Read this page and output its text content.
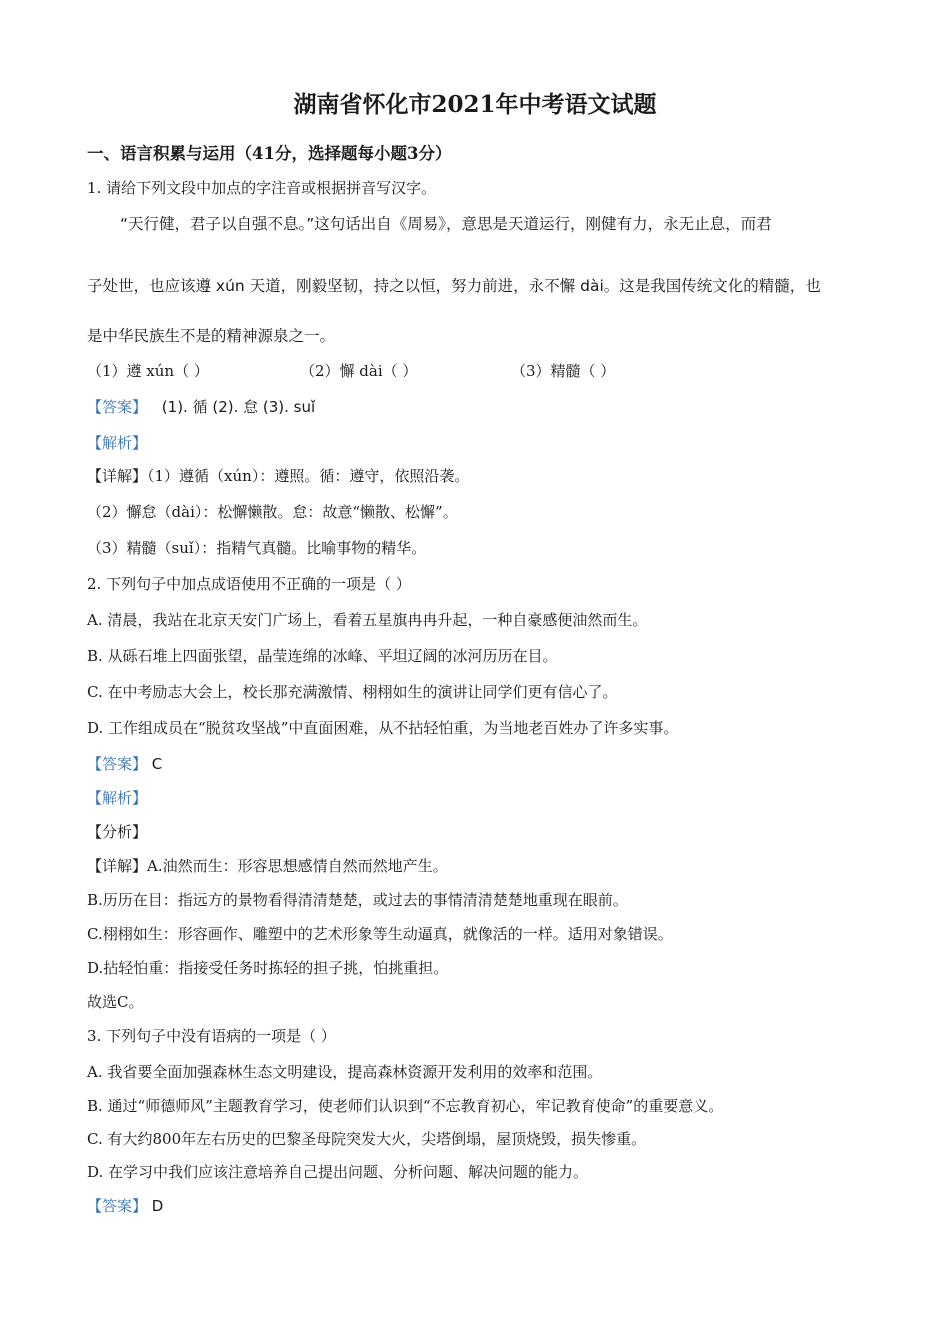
湖南省怀化市2021年中考语文试题
一、语言积累与运用（41分，选择题每小题3分）
1. 请给下列文段中加点的字注音或根据拼音写汉字。
“天行健，君子以自强不息。”这句话出自《周易》，意思是天道运行，刚健有力，永无止息，而君
子处世，也应该遵 xún 天道，刚毅坚韧，持之以恒，努力前进，永不懈 dài。这是我国传统文化的精髓，也
是中华民族生不是的精神源泉之一。
（1）遵 xún（ ）	（2）懈 dài（ ）	（3）精髓（ ）
【答案】 (1). 循 (2). 怠 (3). suǐ
【解析】
【详解】（1）遵循（xún）：遵照。循：遵守，依照沿袭。
（2）懈怠（dài）：松懈懒散。怠：故意“懒散、松懈”。
（3）精髓（suǐ）：指精气真髓。比喻事物的精华。
2. 下列句子中加点成语使用不正确的一项是（ ）
A. 清晨，我站在北京天安门广场上，看着五星旗冉冉升起，一种自豪感便油然而生。
B. 从砾石堆上四面张望，晶莹连绵的冰峰、平坦辽阔的冰河历历在目。
C. 在中考励志大会上，校长那充满激情、栩栩如生的演讲让同学们更有信心了。
D. 工作组成员在“脱贫攻坚战”中直面困难，从不拈轻怕重，为当地老百姓办了许多实事。
【答案】 C
【解析】
【分析】
【详解】A.油然而生：形容思想感情自然而然地产生。
B.历历在目：指远方的景物看得清清楚楚，或过去的事情清清楚楚地重现在眼前。
C.栩栩如生：形容画作、雕塑中的艺术形象等生动逼真，就像活的一样。适用对象错误。
D.拈轻怕重：指接受任务时拣轻的担子挑，怕挑重担。
故选C。
3. 下列句子中没有语病的一项是（ ）
A. 我省要全面加强森林生态文明建设，提高森林资源开发利用的效率和范围。
B. 通过“师德师风”主题教育学习，使老师们认识到“不忘教育初心，牢记教育使命”的重要意义。
C. 有大约800年左右历史的巴黎圣母院突发大火，尖塔倒塌，屋顶烧毁，损失惨重。
D. 在学习中我们应该注意培养自己提出问题、分析问题、解决问题的能力。
【答案】 D
